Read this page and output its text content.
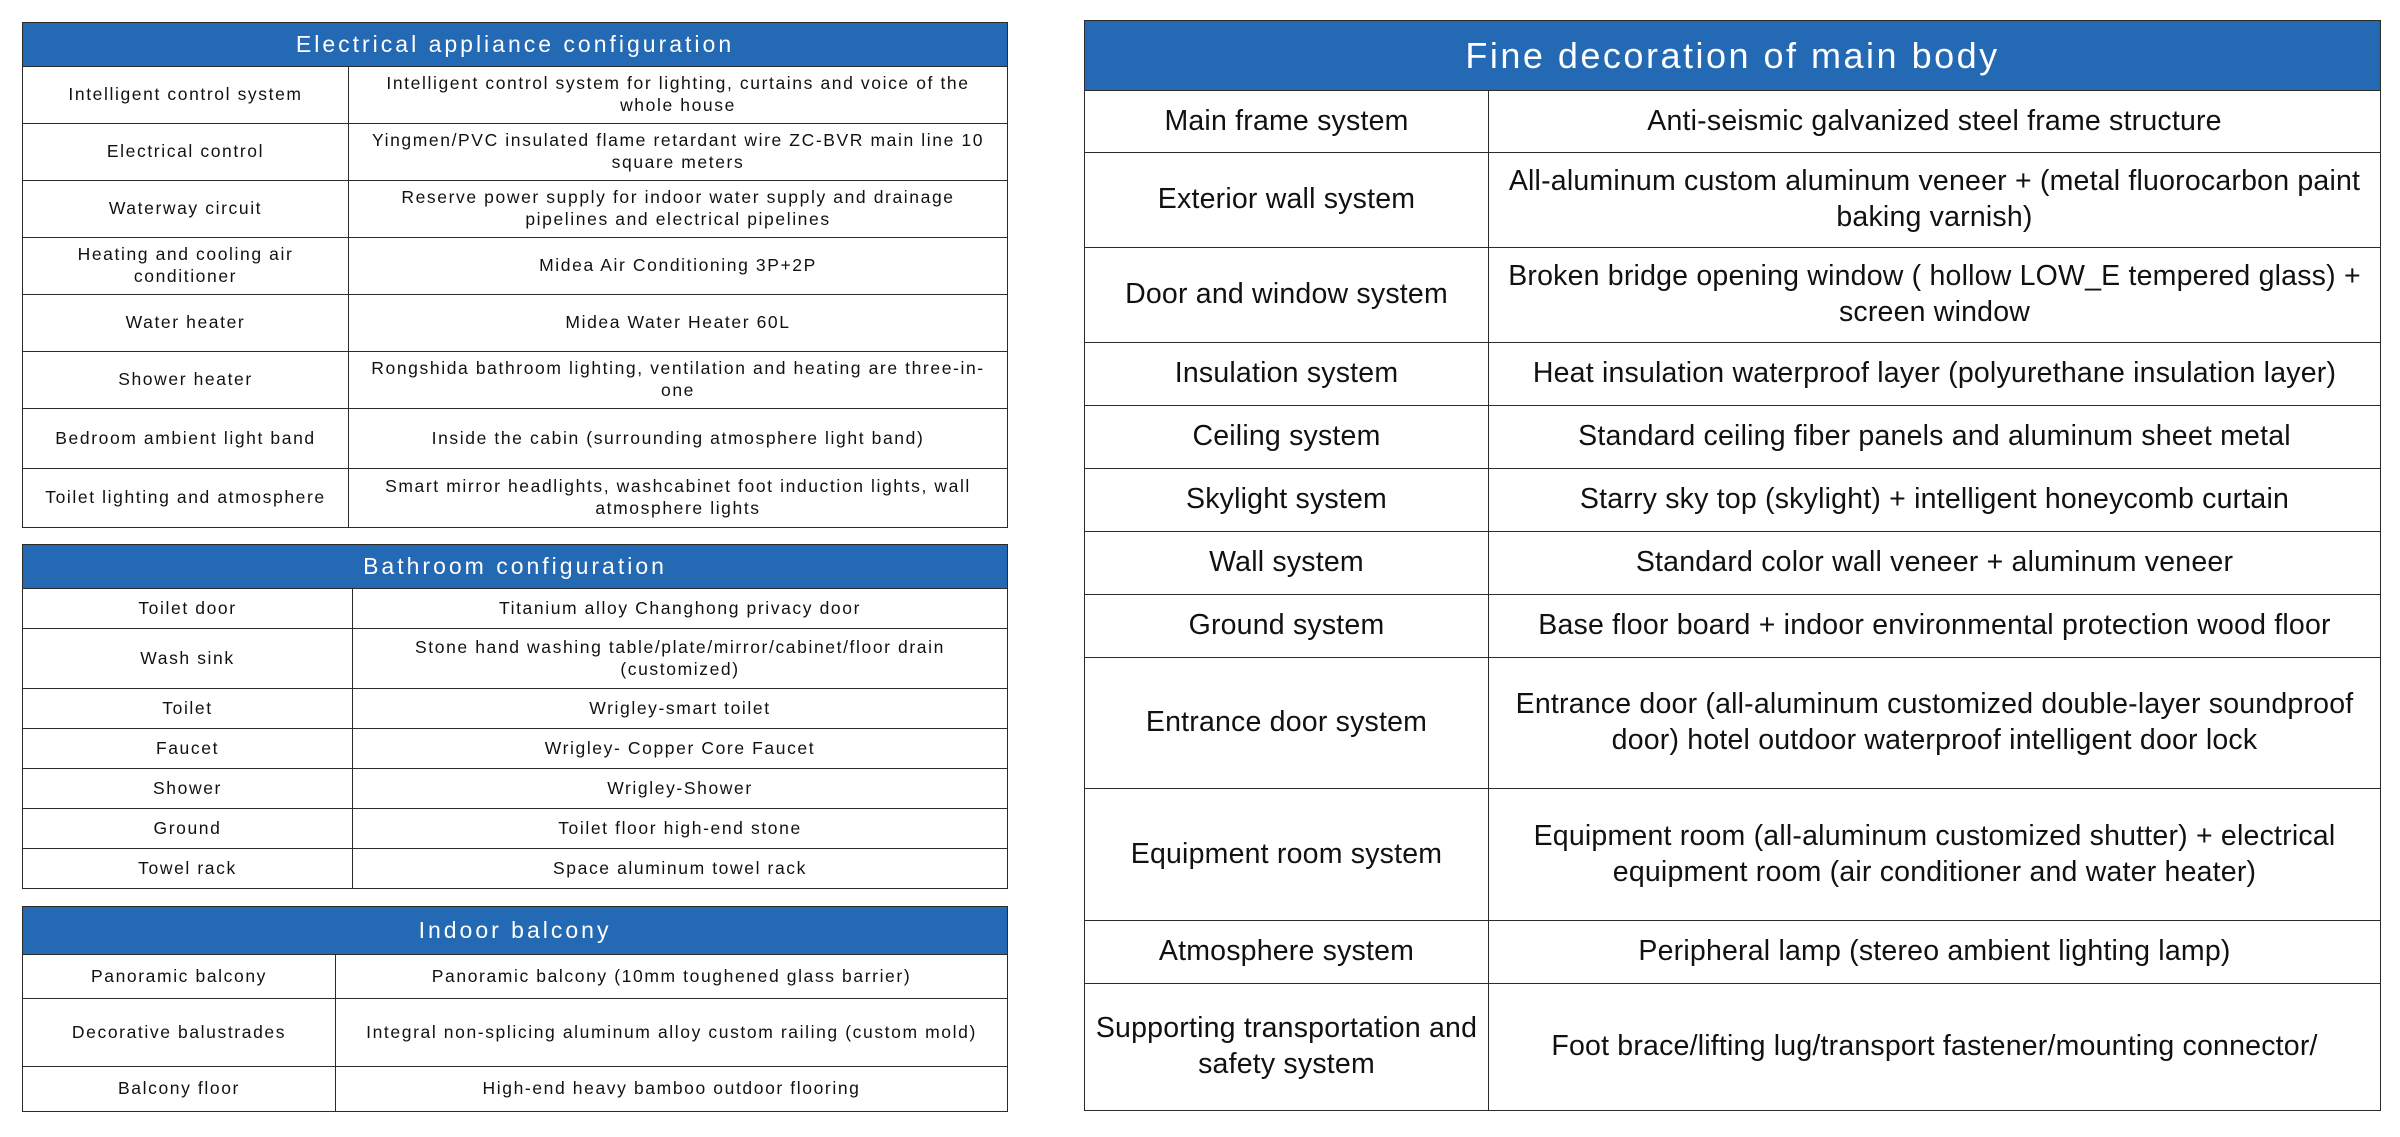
Electrical appliance configuration	
Intelligent control system	Intelligent control system for lighting, curtains and voice of the whole house
Electrical control	Yingmen/PVC insulated flame retardant wire ZC-BVR main line 10 square meters
Waterway circuit	Reserve power supply for indoor water supply and drainage pipelines and electrical pipelines
Heating and cooling air conditioner	Midea Air Conditioning 3P+2P
Water heater	Midea Water Heater 60L
Shower heater	Rongshida bathroom lighting, ventilation and heating are three-in-one
Bedroom ambient light band	Inside the cabin (surrounding atmosphere light band)
Toilet lighting and atmosphere	Smart mirror headlights, washcabinet foot induction lights, wall atmosphere lights
Bathroom configuration	
Toilet door	Titanium alloy Changhong privacy door
Wash sink	Stone hand washing table/plate/mirror/cabinet/floor drain (customized)
Toilet	Wrigley-smart toilet
Faucet	Wrigley- Copper Core Faucet
Shower	Wrigley-Shower
Ground	Toilet floor high-end stone
Towel rack	Space aluminum towel rack
Indoor balcony	
Panoramic balcony	Panoramic balcony (10mm toughened glass barrier)
Decorative balustrades	Integral non-splicing aluminum alloy custom railing (custom mold)
Balcony floor	High-end heavy bamboo outdoor flooring
Fine decoration of main body	
Main frame system	Anti-seismic galvanized steel frame structure
Exterior wall system	All-aluminum custom aluminum veneer + (metal fluorocarbon paint baking varnish)
Door and window system	Broken bridge opening window ( hollow LOW_E tempered glass) + screen window
Insulation system	Heat insulation waterproof layer (polyurethane insulation layer)
Ceiling system	Standard ceiling fiber panels and aluminum sheet metal
Skylight system	Starry sky top (skylight) + intelligent honeycomb curtain
Wall system	Standard color wall veneer + aluminum veneer
Ground system	Base floor board + indoor environmental protection wood floor
Entrance door system	Entrance door (all-aluminum customized double-layer soundproof door) hotel outdoor waterproof intelligent door lock
Equipment room system	Equipment room (all-aluminum customized shutter) + electrical equipment room (air conditioner and water heater)
Atmosphere system	Peripheral lamp (stereo ambient lighting lamp)
Supporting transportation and safety system	Foot brace/lifting lug/transport fastener/mounting connector/
